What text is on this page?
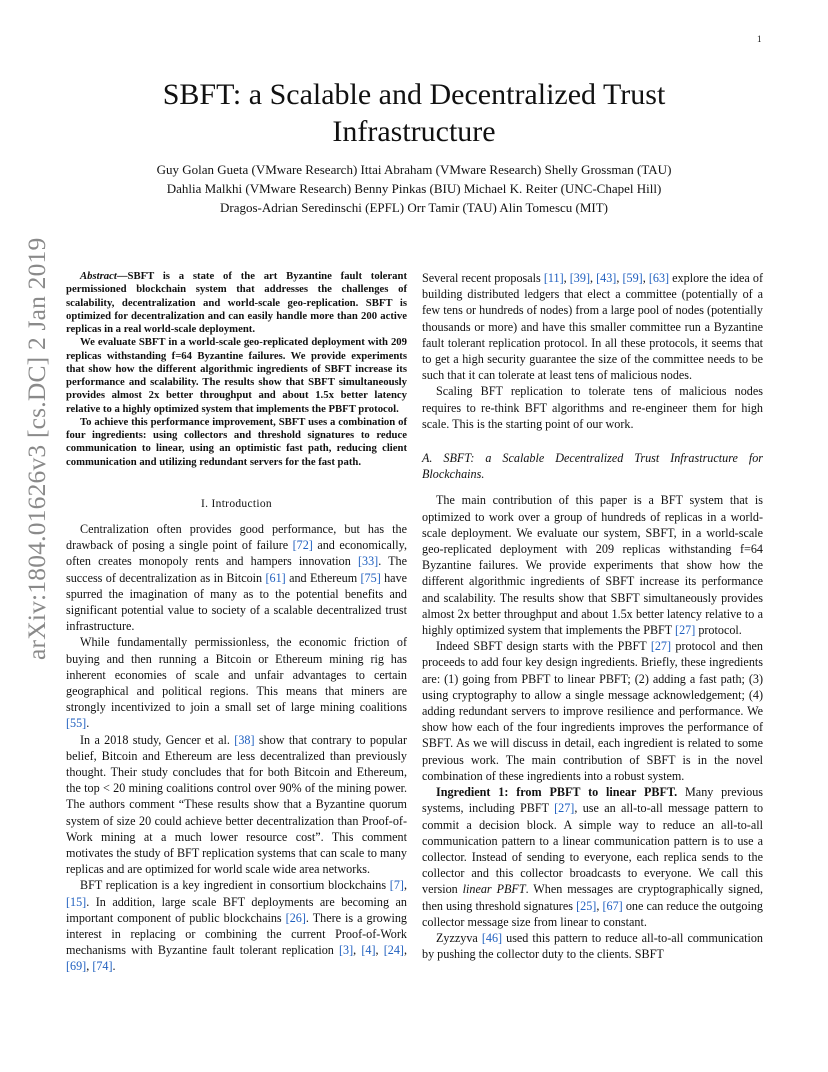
1
arXiv:1804.01626v3 [cs.DC] 2 Jan 2019
SBFT: a Scalable and Decentralized Trust
Infrastructure
Guy Golan Gueta (VMware Research) Ittai Abraham (VMware Research) Shelly Grossman (TAU)
Dahlia Malkhi (VMware Research) Benny Pinkas (BIU) Michael K. Reiter (UNC-Chapel Hill)
Dragos-Adrian Seredinschi (EPFL) Orr Tamir (TAU) Alin Tomescu (MIT)

Abstract—SBFT is a state of the art Byzantine fault tolerant permissioned blockchain system that addresses the challenges of scalability, decentralization and world-scale geo-replication. SBFT is optimized for decentralization and can easily handle more than 200 active replicas in a real world-scale deployment.

We evaluate SBFT in a world-scale geo-replicated deployment with 209 replicas withstanding f=64 Byzantine failures. We provide experiments that show how the different algorithmic ingredients of SBFT increase its performance and scalability. The results show that SBFT simultaneously provides almost 2x better throughput and about 1.5x better latency relative to a highly optimized system that implements the PBFT protocol.

To achieve this performance improvement, SBFT uses a combination of four ingredients: using collectors and threshold signatures to reduce communication to linear, using an optimistic fast path, reducing client communication and utilizing redundant servers for the fast path.

I. Introduction

Centralization often provides good performance, but has the drawback of posing a single point of failure [72] and economically, often creates monopoly rents and hampers innovation [33]. The success of decentralization as in Bitcoin [61] and Ethereum [75] have spurred the imagination of many as to the potential benefits and significant potential value to society of a scalable decentralized trust infrastructure.

While fundamentally permissionless, the economic friction of buying and then running a Bitcoin or Ethereum mining rig has inherent economies of scale and unfair advantages to certain geographical and political regions. This means that miners are strongly incentivized to join a small set of large mining coalitions [55].

In a 2018 study, Gencer et al. [38] show that contrary to popular belief, Bitcoin and Ethereum are less decentralized than previously thought. Their study concludes that for both Bitcoin and Ethereum, the top < 20 mining coalitions control over 90% of the mining power. The authors comment “These results show that a Byzantine quorum system of size 20 could achieve better decentralization than Proof-of-Work mining at a much lower resource cost”. This comment motivates the study of BFT replication systems that can scale to many replicas and are optimized for world scale wide area networks.

BFT replication is a key ingredient in consortium blockchains [7], [15]. In addition, large scale BFT deployments are becoming an important component of public blockchains [26]. There is a growing interest in replacing or combining the current Proof-of-Work mechanisms with Byzantine fault tolerant replication [3], [4], [24], [69], [74].

Several recent proposals [11], [39], [43], [59], [63] explore the idea of building distributed ledgers that elect a committee (potentially of a few tens or hundreds of nodes) from a large pool of nodes (potentially thousands or more) and have this smaller committee run a Byzantine fault tolerant replication protocol. In all these protocols, it seems that to get a high security guarantee the size of the committee needs to be such that it can tolerate at least tens of malicious nodes.

Scaling BFT replication to tolerate tens of malicious nodes requires to re-think BFT algorithms and re-engineer them for high scale. This is the starting point of our work.

A. SBFT: a Scalable Decentralized Trust Infrastructure for Blockchains.

The main contribution of this paper is a BFT system that is optimized to work over a group of hundreds of replicas in a world-scale deployment. We evaluate our system, SBFT, in a world-scale geo-replicated deployment with 209 replicas withstanding f=64 Byzantine failures. We provide experiments that show how the different algorithmic ingredients of SBFT increase its performance and scalability. The results show that SBFT simultaneously provides almost 2x better throughput and about 1.5x better latency relative to a highly optimized system that implements the PBFT [27] protocol.

Indeed SBFT design starts with the PBFT [27] protocol and then proceeds to add four key design ingredients. Briefly, these ingredients are: (1) going from PBFT to linear PBFT; (2) adding a fast path; (3) using cryptography to allow a single message acknowledgement; (4) adding redundant servers to improve resilience and performance. We show how each of the four ingredients improves the performance of SBFT. As we will discuss in detail, each ingredient is related to some previous work. The main contribution of SBFT is in the novel combination of these ingredients into a robust system.

Ingredient 1: from PBFT to linear PBFT. Many previous systems, including PBFT [27], use an all-to-all message pattern to commit a decision block. A simple way to reduce an all-to-all communication pattern to a linear communication pattern is to use a collector. Instead of sending to everyone, each replica sends to the collector and this collector broadcasts to everyone. We call this version linear PBFT. When messages are cryptographically signed, then using threshold signatures [25], [67] one can reduce the outgoing collector message size from linear to constant.

Zyzzyva [46] used this pattern to reduce all-to-all communication by pushing the collector duty to the clients. SBFT
